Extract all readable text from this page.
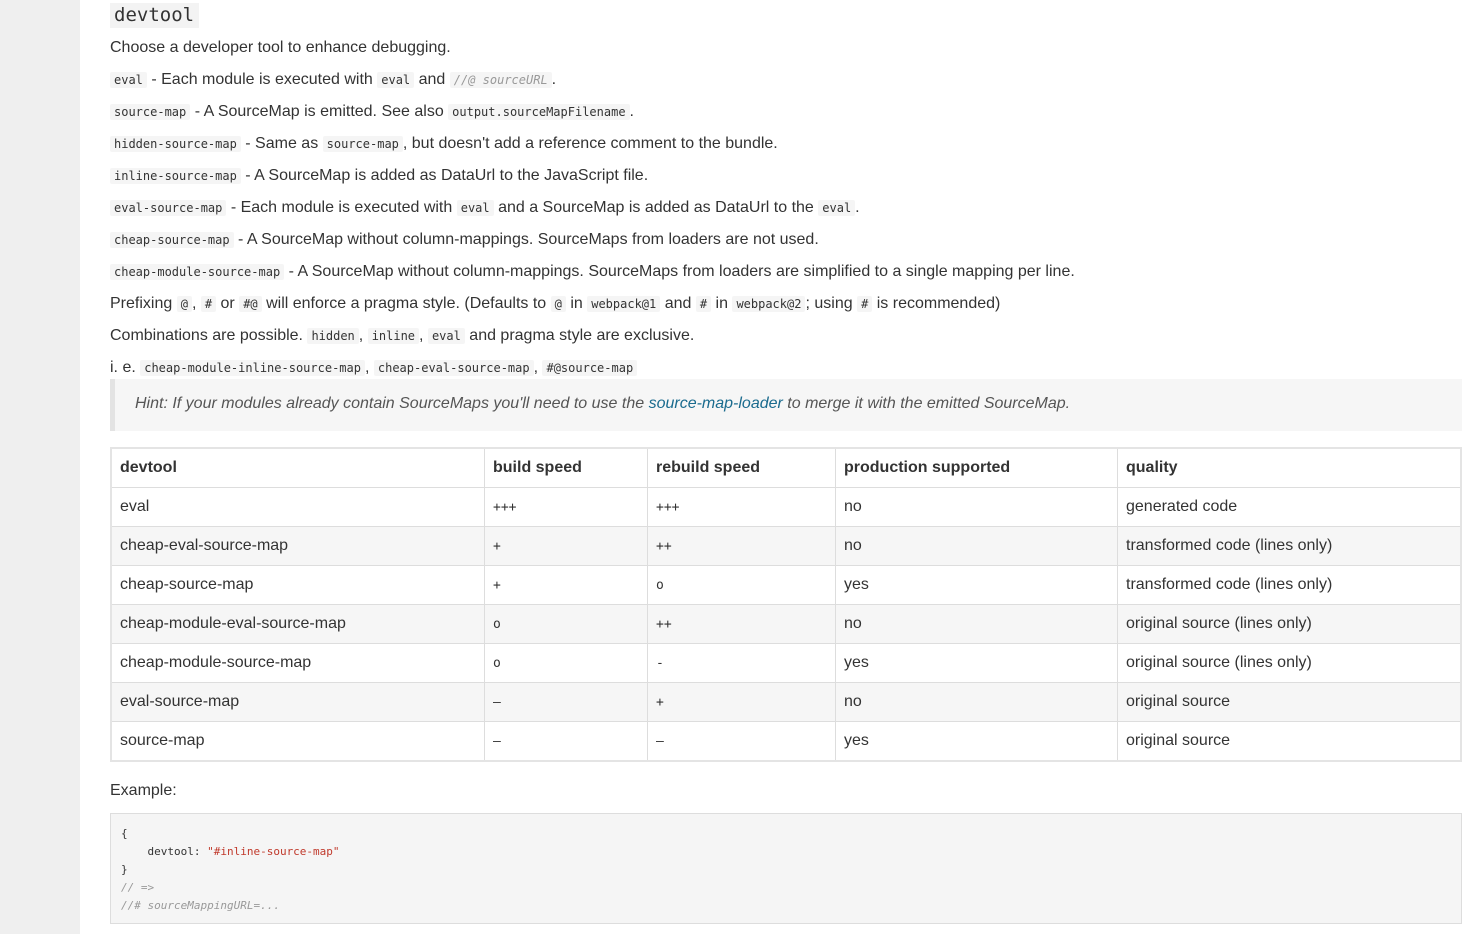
devtool
Choose a developer tool to enhance debugging.
eval - Each module is executed with eval and //@ sourceURL .
source-map - A SourceMap is emitted. See also output.sourceMapFilename .
hidden-source-map - Same as source-map , but doesn't add a reference comment to the bundle.
inline-source-map - A SourceMap is added as DataUrl to the JavaScript file.
eval-source-map - Each module is executed with eval and a SourceMap is added as DataUrl to the eval .
cheap-source-map - A SourceMap without column-mappings. SourceMaps from loaders are not used.
cheap-module-source-map - A SourceMap without column-mappings. SourceMaps from loaders are simplified to a single mapping per line.
Prefixing @ , # or #@ will enforce a pragma style. (Defaults to @ in webpack@1 and # in webpack@2 ; using # is recommended)
Combinations are possible. hidden , inline , eval and pragma style are exclusive.
i. e. cheap-module-inline-source-map , cheap-eval-source-map , #@source-map
Hint: If your modules already contain SourceMaps you'll need to use the source-map-loader to merge it with the emitted SourceMap.
devtool	build speed	rebuild speed	production supported	quality
eval	+++	+++	no	generated code
cheap-eval-source-map	+	++	no	transformed code (lines only)
cheap-source-map	+	o	yes	transformed code (lines only)
cheap-module-eval-source-map	o	++	no	original source (lines only)
cheap-module-source-map	o	-	yes	original source (lines only)
eval-source-map	–	+	no	original source
source-map	–	–	yes	original source
Example:
{
devtool: "#inline-source-map"
}
// =>
//# sourceMappingURL=...
